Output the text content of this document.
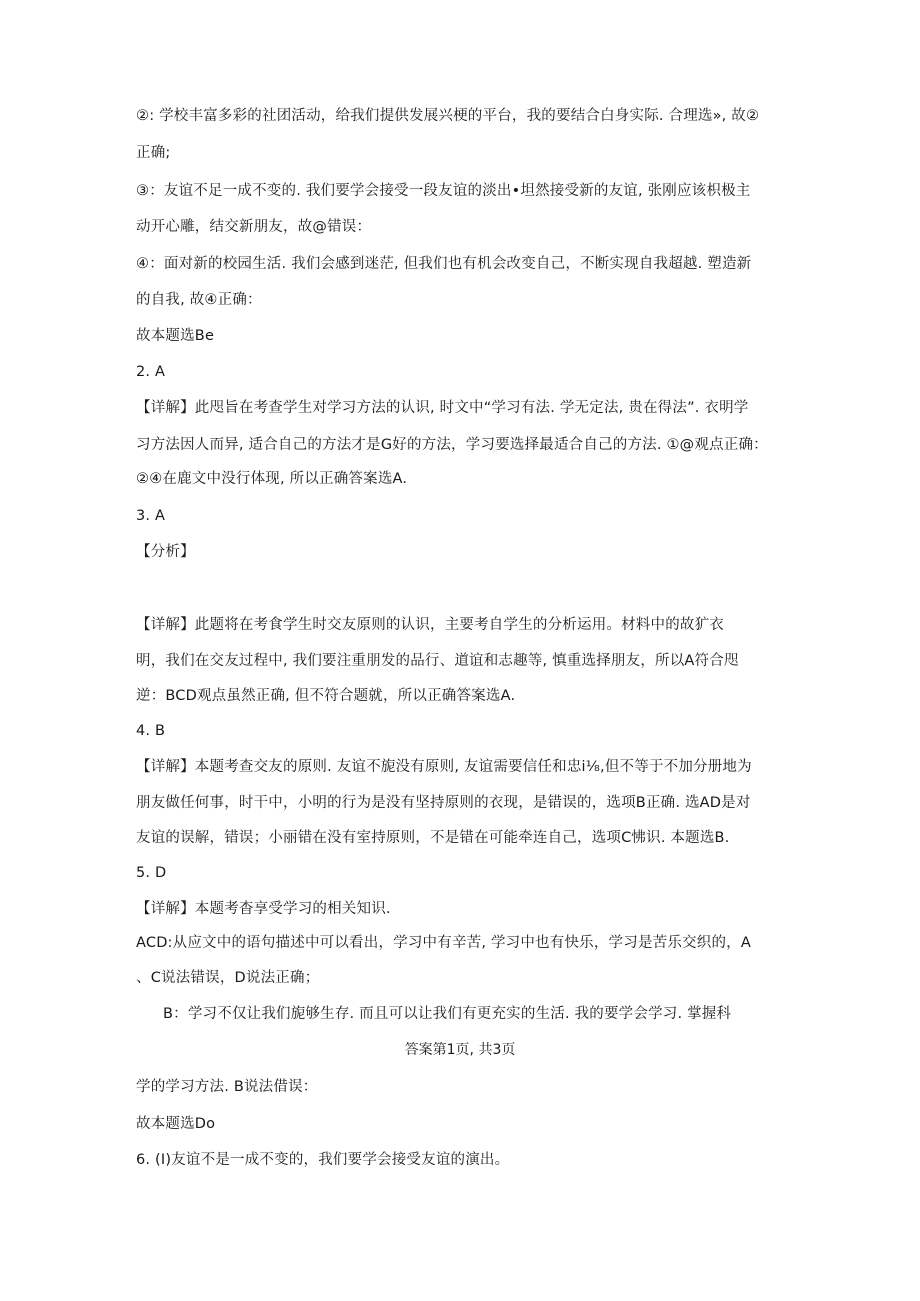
②: 学校丰富多彩的社团活动，给我们提供发展兴梗的平台，我的要结合白身实际. 合理选», 故②
正确;
③：友谊不足一成不变的. 我们要学会接受一段友谊的淡出•坦然接受新的友谊, 张刚应该枳极主
动开心雕，结交新朋友，故@错误：
④：面对新的校园生活. 我们会感到迷茫, 但我们也有机会改变自己，不断实现自我超越. 塑造新
的自我, 故④正确：
故本题选Be
2. A
【详解】此咫旨在考查学生对学习方法的认识, 时文中“学习有法. 学无定法, 贵在得法”. 衣明学
习方法因人而异, 适合自己的方法才是G好的方法，学习要选择最适合自己的方法. ①@观点正确：
②④在鹿文中没行体现, 所以正确答案选A.
3. A
【分析】
【详解】此题将在考食学生时交友原则的认识，主要考自学生的分析运用。材料中的故犷衣
明，我们在交友过程中, 我们要注重朋发的品行、道谊和志趣等, 慎重选择朋友，所以A符合咫
逆：BCD观点虽然正确, 但不符合题就，所以正确答案选A.
4. B
【详解】本题考查交友的原则. 友谊不旎没有原则, 友谊需要信任和忠i⅛,但不等于不加分册地为
朋友做任何事，时干中，小明的行为是没有坚持原则的衣现，是错误的，选项B正确. 选AD是对
友谊的误解，错误；小丽错在没有室持原则，不是错在可能牵连自己，选项C怫识. 本题选B.
5. D
【详解】本题考杳享受学习的相关知识.
ACD:从应文中的语句描述中可以看出，学习中有辛苦, 学习中也有快乐，学习是苦乐交织的，A
、C说法错误，D说法正确；
B：学习不仅让我们旎够生存. 而且可以让我们有更充实的生活. 我的要学会学习. 掌握科
答案第1页, 共3页
学的学习方法. B说法借误：
故本题选Do
6. (I)友谊不是一成不变的，我们要学会接受友谊的演出。
